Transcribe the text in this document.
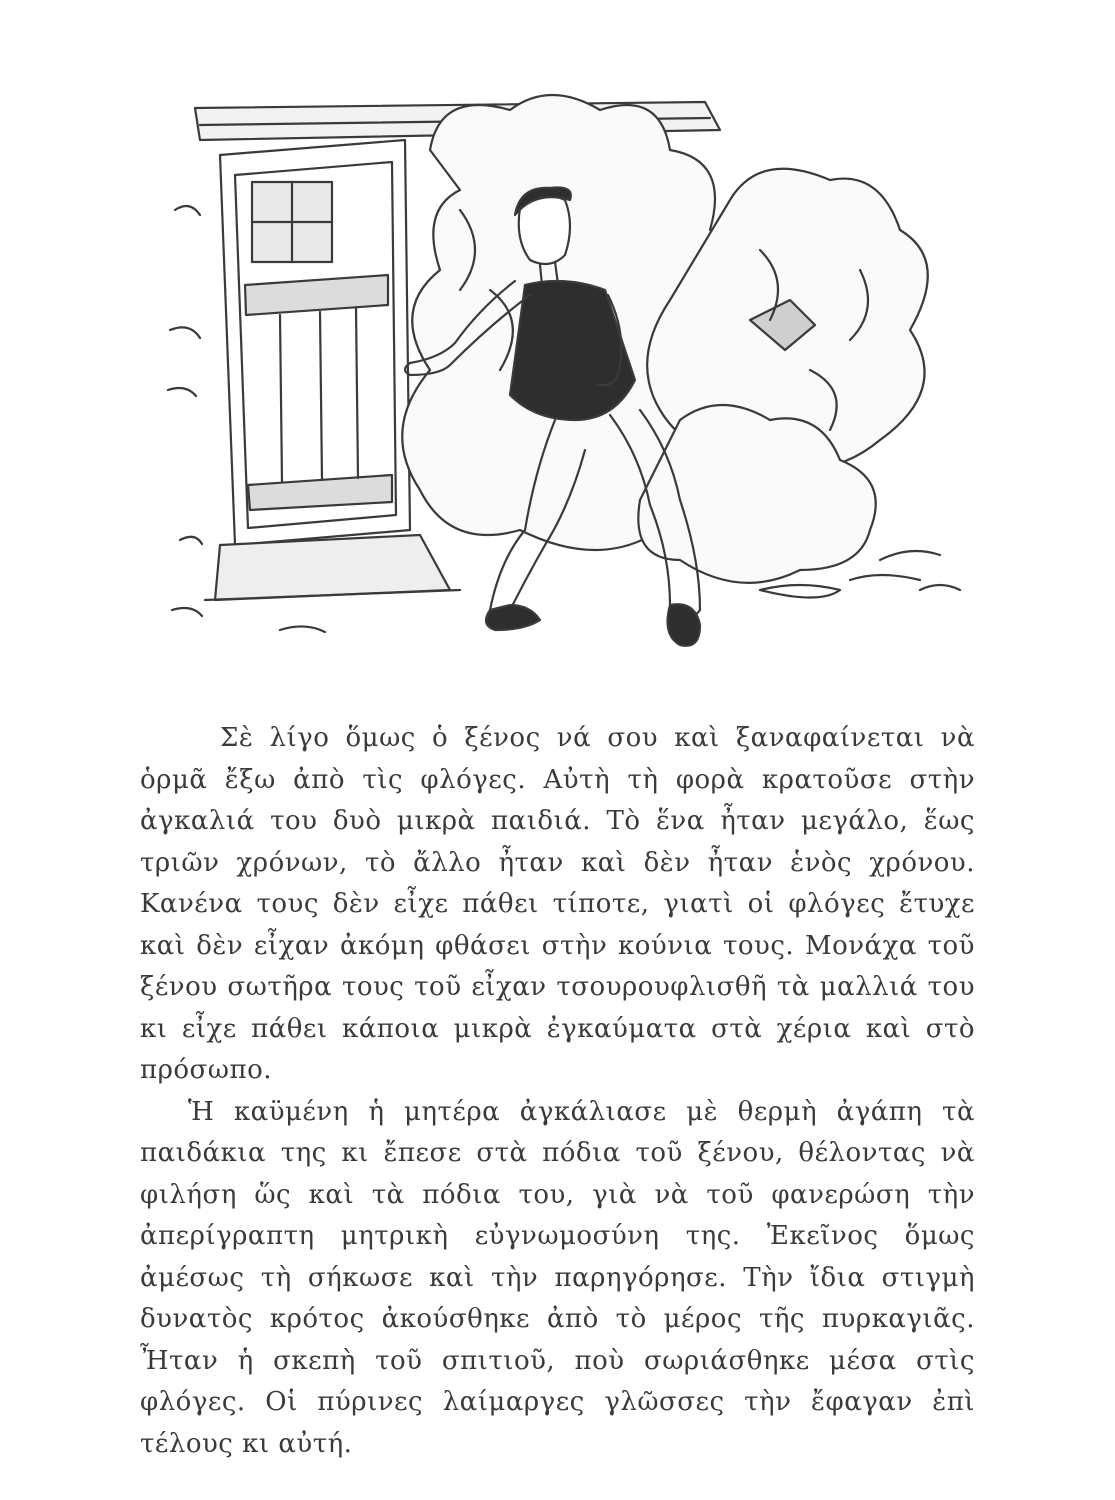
Σὲ λίγο ὅμως ὁ ξένος νά σου καὶ ξαναφαίνεται νὰ ὁρμᾶ ἔξω ἀπὸ τὶς φλόγες. Αὐτὴ τὴ φορὰ κρατοῦσε στὴν ἀγκαλιά του δυὸ μικρὰ παιδιά. Τὸ ἕνα ἦταν μεγάλο, ἕως τριῶν χρόνων, τὸ ἄλλο ἦταν καὶ δὲν ἦταν ἑνὸς χρόνου. Κανένα τους δὲν εἶχε πάθει τίποτε, γιατὶ οἱ φλόγες ἔτυχε καὶ δὲν εἶχαν ἀκόμη φθάσει στὴν κούνια τους. Μονάχα τοῦ ξένου σωτῆρα τους τοῦ εἶχαν τσουρουφλισθῆ τὰ μαλλιά του κι εἶχε πάθει κάποια μικρὰ ἐγκαύματα στὰ χέρια καὶ στὸ πρόσωπο.

Ἡ καϋμένη ἡ μητέρα ἀγκάλιασε μὲ θερμὴ ἀγάπη τὰ παιδάκια της κι ἔπεσε στὰ πόδια τοῦ ξένου, θέλοντας νὰ φιλήση ὥς καὶ τὰ πόδια του, γιὰ νὰ τοῦ φανερώση τὴν ἀπερίγραπτη μητρικὴ εὐγνωμοσύνη της. Ἐκεῖνος ὅμως ἀμέσως τὴ σήκωσε καὶ τὴν παρηγόρησε. Τὴν ἴδια στιγμὴ δυνατὸς κρότος ἀκούσθηκε ἀπὸ τὸ μέρος τῆς πυρκαγιᾶς. Ἦταν ἡ σκεπὴ τοῦ σπιτιοῦ, ποὺ σωριάσθηκε μέσα στὶς φλόγες. Οἱ πύρινες λαίμαργες γλῶσσες τὴν ἔφαγαν ἐπὶ τέλους κι αὐτή.
